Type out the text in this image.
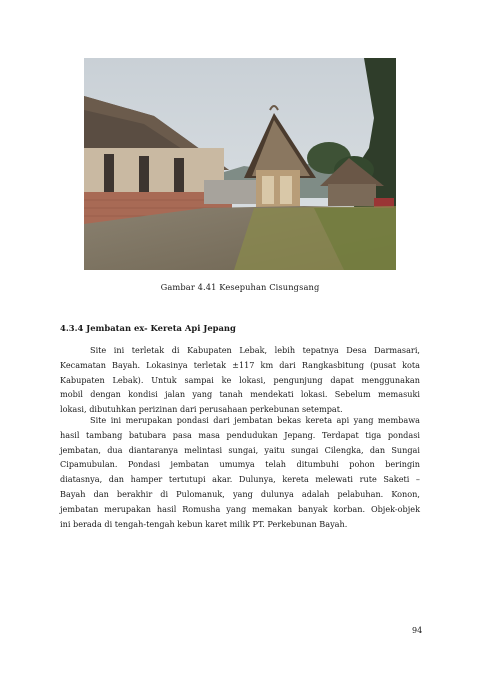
Gambar 4.41 Kesepuhan Cisungsang
4.3.4 Jembatan ex- Kereta Api Jepang
Site ini terletak di Kabupaten Lebak, lebih tepatnya Desa Darmasari,
Kecamatan Bayah. Lokasinya terletak ±117 km dari Rangkasbitung (pusat kota
Kabupaten Lebak). Untuk sampai ke lokasi, pengunjung dapat menggunakan
mobil dengan kondisi jalan yang tanah mendekati lokasi. Sebelum memasuki
lokasi, dibutuhkan perizinan dari perusahaan perkebunan setempat.
Site ini merupakan pondasi dari jembatan bekas kereta api yang membawa
hasil tambang batubara pasa masa pendudukan Jepang. Terdapat tiga pondasi
jembatan, dua diantaranya melintasi sungai, yaitu sungai Cilengka, dan Sungai
Cipamubulan. Pondasi jembatan umumya telah ditumbuhi pohon beringin
diatasnya, dan hamper tertutupi akar. Dulunya, kereta melewati rute Saketi –
Bayah dan berakhir di Pulomanuk, yang dulunya adalah pelabuhan. Konon,
jembatan merupakan hasil Romusha yang memakan banyak korban. Objek-objek
ini berada di tengah-tengah kebun karet milik PT. Perkebunan Bayah.
94
